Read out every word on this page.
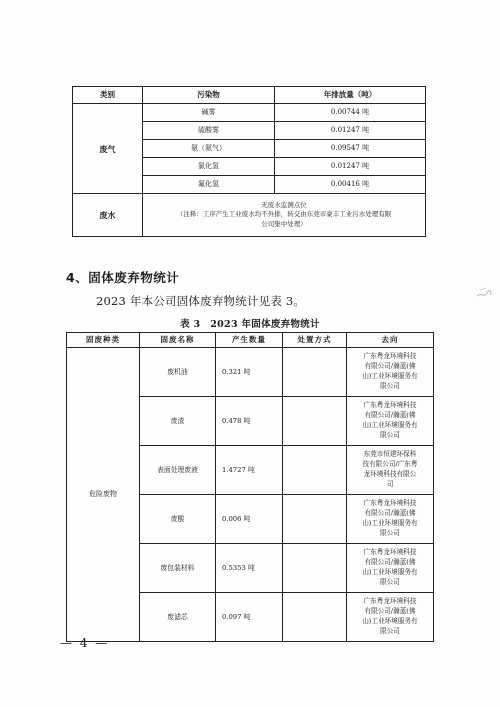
类别	污染物	年排放量（吨）
废气	碱雾	0.00744 吨
	硫酸雾	0.01247 吨
	氨（氨气）	0.09547 吨
	氯化氢	0.01247 吨
	氟化氢	0.00416 吨
废水	无废水监测点位
（注释：工序产生工业废水均不外排，转交由东莞市豪丰工业污水处理有限
公司集中处理）	
4、固体废弃物统计
2023 年本公司固体废弃物统计见表 3。
表 3　2023 年固体废弃物统计
固废种类	固废名称	产生数量	处置方式	去向
危险废物	废机油	0.321 吨		广东粤龙环境科技
有限公司/瀚蓝(佛
山)工业环境服务有
限公司

	废渣	0.478 吨		广东粤龙环境科技
有限公司/瀚蓝(佛
山)工业环境服务有
限公司

	表面处理废液	1.4727 吨		东莞市恒建环保科
技有限公司/广东粤
龙环境科技有限公
司

	废酸	0.006 吨		广东粤龙环境科技
有限公司/瀚蓝(佛
山)工业环境服务有
限公司

	废包装材料	0.5353 吨		广东粤龙环境科技
有限公司/瀚蓝(佛
山)工业环境服务有
限公司

	废滤芯	0.097 吨		广东粤龙环境科技
有限公司/瀚蓝(佛
山)工业环境服务有
限公司
— 4 —
